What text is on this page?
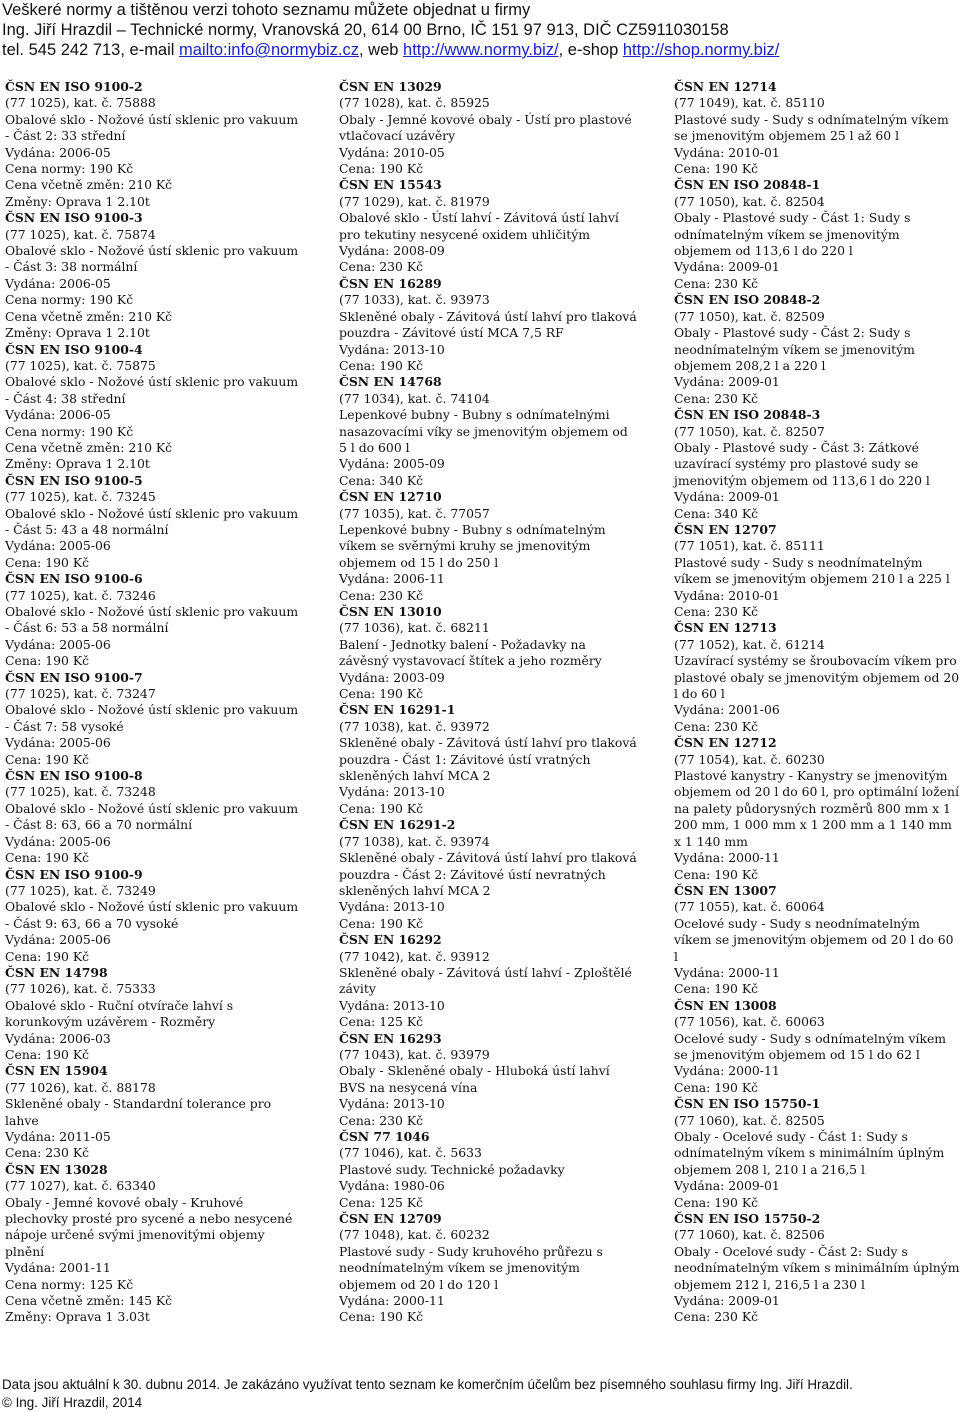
Veškeré normy a tištěnou verzi tohoto seznamu můžete objednat u firmy
Ing. Jiří Hrazdil – Technické normy, Vranovská 20, 614 00 Brno, IČ 151 97 913, DIČ CZ5911030158
tel. 545 242 713, e-mail mailto:info@normybiz.cz, web http://www.normy.biz/, e-shop http://shop.normy.biz/
ČSN EN ISO 9100-2
(77 1025), kat. č. 75888
Obalové sklo - Nožové ústí sklenic pro vakuum - Část 2: 33 střední
Vydána: 2006-05
Cena normy: 190 Kč
Cena včetně změn: 210 Kč
Změny: Oprava 1 2.10t
ČSN EN ISO 9100-3
(77 1025), kat. č. 75874
Obalové sklo - Nožové ústí sklenic pro vakuum - Část 3: 38 normální
Vydána: 2006-05
Cena normy: 190 Kč
Cena včetně změn: 210 Kč
Změny: Oprava 1 2.10t
ČSN EN ISO 9100-4
(77 1025), kat. č. 75875
Obalové sklo - Nožové ústí sklenic pro vakuum - Část 4: 38 střední
Vydána: 2006-05
Cena normy: 190 Kč
Cena včetně změn: 210 Kč
Změny: Oprava 1 2.10t
ČSN EN ISO 9100-5
(77 1025), kat. č. 73245
Obalové sklo - Nožové ústí sklenic pro vakuum - Část 5: 43 a 48 normální
Vydána: 2005-06
Cena: 190 Kč
ČSN EN ISO 9100-6
(77 1025), kat. č. 73246
Obalové sklo - Nožové ústí sklenic pro vakuum - Část 6: 53 a 58 normální
Vydána: 2005-06
Cena: 190 Kč
ČSN EN ISO 9100-7
(77 1025), kat. č. 73247
Obalové sklo - Nožové ústí sklenic pro vakuum - Část 7: 58 vysoké
Vydána: 2005-06
Cena: 190 Kč
ČSN EN ISO 9100-8
(77 1025), kat. č. 73248
Obalové sklo - Nožové ústí sklenic pro vakuum - Část 8: 63, 66 a 70 normální
Vydána: 2005-06
Cena: 190 Kč
ČSN EN ISO 9100-9
(77 1025), kat. č. 73249
Obalové sklo - Nožové ústí sklenic pro vakuum - Část 9: 63, 66 a 70 vysoké
Vydána: 2005-06
Cena: 190 Kč
ČSN EN 14798
(77 1026), kat. č. 75333
Obalové sklo - Ruční otvírače lahví s korunkovým uzávěrem - Rozměry
Vydána: 2006-03
Cena: 190 Kč
ČSN EN 15904
(77 1026), kat. č. 88178
Skleněné obaly - Standardní tolerance pro lahve
Vydána: 2011-05
Cena: 230 Kč
ČSN EN 13028
(77 1027), kat. č. 63340
Obaly - Jemné kovové obaly - Kruhové plechovky prosté pro sycené a nebo nesycené nápoje určené svými jmenovitými objemy plnění
Vydána: 2001-11
Cena normy: 125 Kč
Cena včetně změn: 145 Kč
Změny: Oprava 1 3.03t
ČSN EN 13029
(77 1028), kat. č. 85925
Obaly - Jemné kovové obaly - Ústí pro plastové vtlačovací uzávěry
Vydána: 2010-05
Cena: 190 Kč
ČSN EN 15543
(77 1029), kat. č. 81979
Obalové sklo - Ústí lahví - Závitová ústí lahví pro tekutiny nesycené oxidem uhličitým
Vydána: 2008-09
Cena: 230 Kč
ČSN EN 16289
(77 1033), kat. č. 93973
Skleněné obaly - Závitová ústí lahví pro tlaková pouzdra - Závitové ústí MCA 7,5 RF
Vydána: 2013-10
Cena: 190 Kč
ČSN EN 14768
(77 1034), kat. č. 74104
Lepenkové bubny - Bubny s odnímatelnými nasazovacími víky se jmenovitým objemem od 5 l do 600 l
Vydána: 2005-09
Cena: 340 Kč
ČSN EN 12710
(77 1035), kat. č. 77057
Lepenkové bubny - Bubny s odnímatelným víkem se svěrnými kruhy se jmenovitým objemem od 15 l do 250 l
Vydána: 2006-11
Cena: 230 Kč
ČSN EN 13010
(77 1036), kat. č. 68211
Balení - Jednotky balení - Požadavky na závěsný vystavovací štítek a jeho rozměry
Vydána: 2003-09
Cena: 190 Kč
ČSN EN 16291-1
(77 1038), kat. č. 93972
Skleněné obaly - Závitová ústí lahví pro tlaková pouzdra - Část 1: Závitové ústí vratných skleněných lahví MCA 2
Vydána: 2013-10
Cena: 190 Kč
ČSN EN 16291-2
(77 1038), kat. č. 93974
Skleněné obaly - Závitová ústí lahví pro tlaková pouzdra - Část 2: Závitové ústí nevratných skleněných lahví MCA 2
Vydána: 2013-10
Cena: 190 Kč
ČSN EN 16292
(77 1042), kat. č. 93912
Skleněné obaly - Závitová ústí lahví - Zploštělé závity
Vydána: 2013-10
Cena: 125 Kč
ČSN EN 16293
(77 1043), kat. č. 93979
Obaly - Skleněné obaly - Hluboká ústí lahví BVS na nesycená vína
Vydána: 2013-10
Cena: 230 Kč
ČSN 77 1046
(77 1046), kat. č. 5633
Plastové sudy. Technické požadavky
Vydána: 1980-06
Cena: 125 Kč
ČSN EN 12709
(77 1048), kat. č. 60232
Plastové sudy - Sudy kruhového průřezu s neodnímatelným víkem se jmenovitým objemem od 20 l do 120 l
Vydána: 2000-11
Cena: 190 Kč
ČSN EN 12714
(77 1049), kat. č. 85110
Plastové sudy - Sudy s odnímatelným víkem se jmenovitým objemem 25 l až 60 l
Vydána: 2010-01
Cena: 190 Kč
ČSN EN ISO 20848-1
(77 1050), kat. č. 82504
Obaly - Plastové sudy - Část 1: Sudy s odnímatelným víkem se jmenovitým objemem od 113,6 l do 220 l
Vydána: 2009-01
Cena: 230 Kč
ČSN EN ISO 20848-2
(77 1050), kat. č. 82509
Obaly - Plastové sudy - Část 2: Sudy s neodnímatelným víkem se jmenovitým objemem 208,2 l a 220 l
Vydána: 2009-01
Cena: 230 Kč
ČSN EN ISO 20848-3
(77 1050), kat. č. 82507
Obaly - Plastové sudy - Část 3: Zátkové uzavírací systémy pro plastové sudy se jmenovitým objemem od 113,6 l do 220 l
Vydána: 2009-01
Cena: 340 Kč
ČSN EN 12707
(77 1051), kat. č. 85111
Plastové sudy - Sudy s neodnímatelným víkem se jmenovitým objemem 210 l a 225 l
Vydána: 2010-01
Cena: 230 Kč
ČSN EN 12713
(77 1052), kat. č. 61214
Uzavírací systémy se šroubovacím víkem pro plastové obaly se jmenovitým objemem od 20 l do 60 l
Vydána: 2001-06
Cena: 230 Kč
ČSN EN 12712
(77 1054), kat. č. 60230
Plastové kanystry - Kanystry se jmenovitým objemem od 20 l do 60 l, pro optimální ložení na palety půdorysných rozměrů 800 mm x 1 200 mm, 1 000 mm x 1 200 mm a 1 140 mm x 1 140 mm
Vydána: 2000-11
Cena: 190 Kč
ČSN EN 13007
(77 1055), kat. č. 60064
Ocelové sudy - Sudy s neodnímatelným víkem se jmenovitým objemem od 20 l do 60 l
Vydána: 2000-11
Cena: 190 Kč
ČSN EN 13008
(77 1056), kat. č. 60063
Ocelové sudy - Sudy s odnímatelným víkem se jmenovitým objemem od 15 l do 62 l
Vydána: 2000-11
Cena: 190 Kč
ČSN EN ISO 15750-1
(77 1060), kat. č. 82505
Obaly - Ocelové sudy - Část 1: Sudy s odnímatelným víkem s minimálním úplným objemem 208 l, 210 l a 216,5 l
Vydána: 2009-01
Cena: 190 Kč
ČSN EN ISO 15750-2
(77 1060), kat. č. 82506
Obaly - Ocelové sudy - Část 2: Sudy s neodnímatelným víkem s minimálním úplným objemem 212 l, 216,5 l a 230 l
Vydána: 2009-01
Cena: 230 Kč
Data jsou aktuální k 30. dubnu 2014. Je zakázáno využívat tento seznam ke komerčním účelům bez písemného souhlasu firmy Ing. Jiří Hrazdil.
© Ing. Jiří Hrazdil, 2014
